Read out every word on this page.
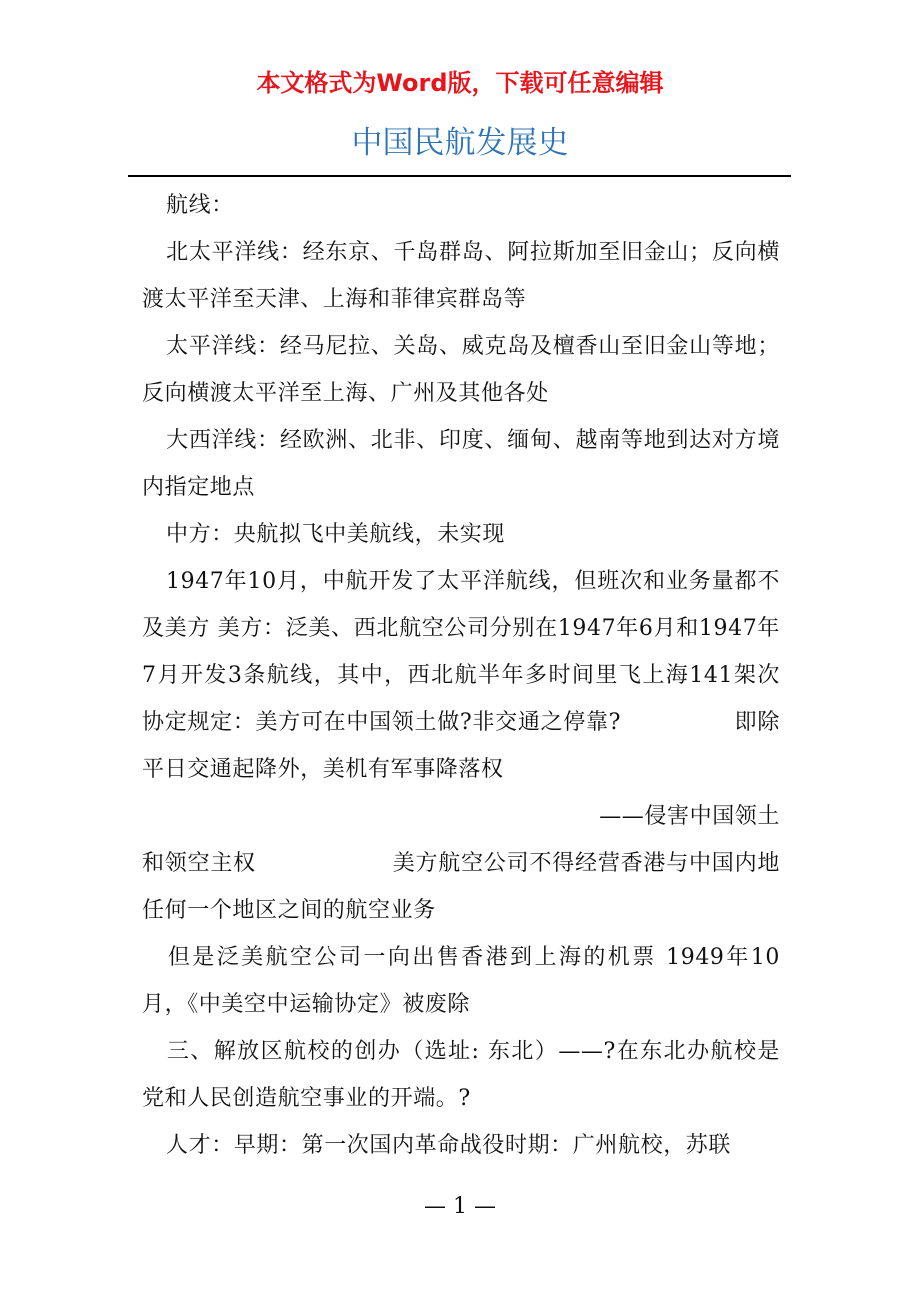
本文格式为Word版，下载可任意编辑
中国民航发展史

航线：

北太平洋线：经东京、千岛群岛、阿拉斯加至旧金山；反向横渡太平洋至天津、上海和菲律宾群岛等

太平洋线：经马尼拉、关岛、威克岛及檀香山至旧金山等地；反向横渡太平洋至上海、广州及其他各处

大西洋线：经欧洲、北非、印度、缅甸、越南等地到达对方境内指定地点

中方：央航拟飞中美航线，未实现

1947年10月，中航开发了太平洋航线，但班次和业务量都不及美方 美方：泛美、西北航空公司分别在1947年6月和1947年7月开发3条航线，其中，西北航半年多时间里飞上海141架次 协定规定：美方可在中国领土做?非交通之停靠?　　　　　即除平日交通起降外，美机有军事降落权

——侵害中国领土

和领空主权　　　　　　美方航空公司不得经营香港与中国内地任何一个地区之间的航空业务

但是泛美航空公司一向出售香港到上海的机票 1949年10月，《中美空中运输协定》被废除

三、解放区航校的创办（选址: 东北）——?在东北办航校是党和人民创造航空事业的开端。?

人才：早期：第一次国内革命战役时期：广州航校，苏联

— 1 —
